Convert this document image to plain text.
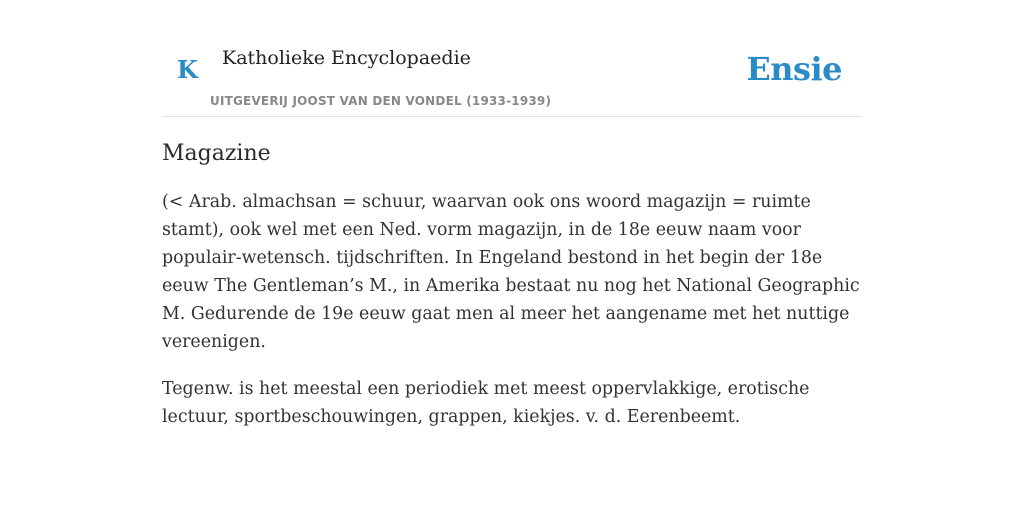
K Katholieke Encyclopaedie
UITGEVERIJ JOOST VAN DEN VONDEL (1933-1939)
Ensie
Magazine

(< Arab. almachsan = schuur, waarvan ook ons woord magazijn = ruimte stamt), ook wel met een Ned. vorm magazijn, in de 18e eeuw naam voor populair-wetensch. tijdschriften. In Engeland bestond in het begin der 18e eeuw The Gentleman’s M., in Amerika bestaat nu nog het National Geographic M. Gedurende de 19e eeuw gaat men al meer het aangename met het nuttige vereenigen.

Tegenw. is het meestal een periodiek met meest oppervlakkige, erotische lectuur, sportbeschouwingen, grappen, kiekjes. v. d. Eerenbeemt.
